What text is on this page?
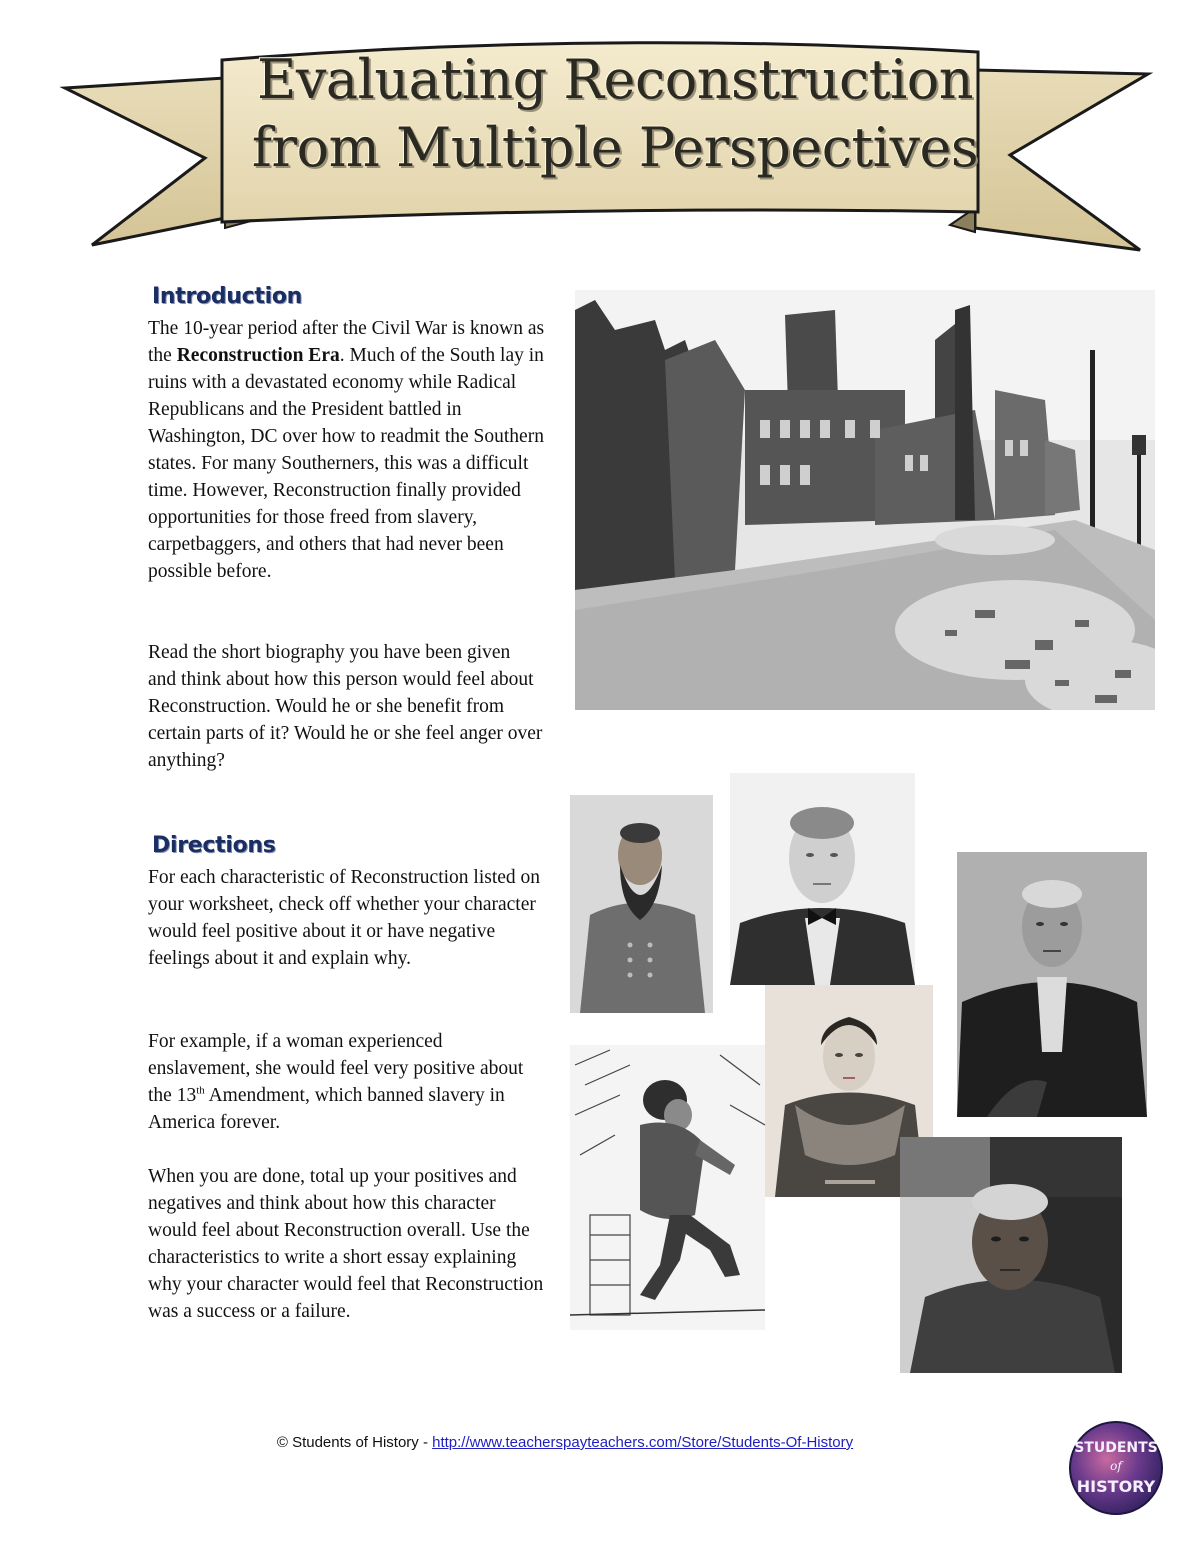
Evaluating Reconstruction
from Multiple Perspectives
Introduction
The 10-year period after the Civil War is known as the Reconstruction Era. Much of the South lay in ruins with a devastated economy while Radical Republicans and the President battled in Washington, DC over how to readmit the Southern states. For many Southerners, this was a difficult time. However, Reconstruction finally provided opportunities for those freed from slavery, carpetbaggers, and others that had never been possible before.
Read the short biography you have been given and think about how this person would feel about Reconstruction. Would he or she benefit from certain parts of it? Would he or she feel anger over anything?
Directions
For each characteristic of Reconstruction listed on your worksheet, check off whether your character would feel positive about it or have negative feelings about it and explain why.
For example, if a woman experienced enslavement, she would feel very positive about the 13th Amendment, which banned slavery in America forever.
When you are done, total up your positives and negatives and think about how this character would feel about Reconstruction overall. Use the characteristics to write a short essay explaining why your character would feel that Reconstruction was a success or a failure.
© Students of History - http://www.teacherspayteachers.com/Store/Students-Of-History	STUDENTS
of
HISTORY
